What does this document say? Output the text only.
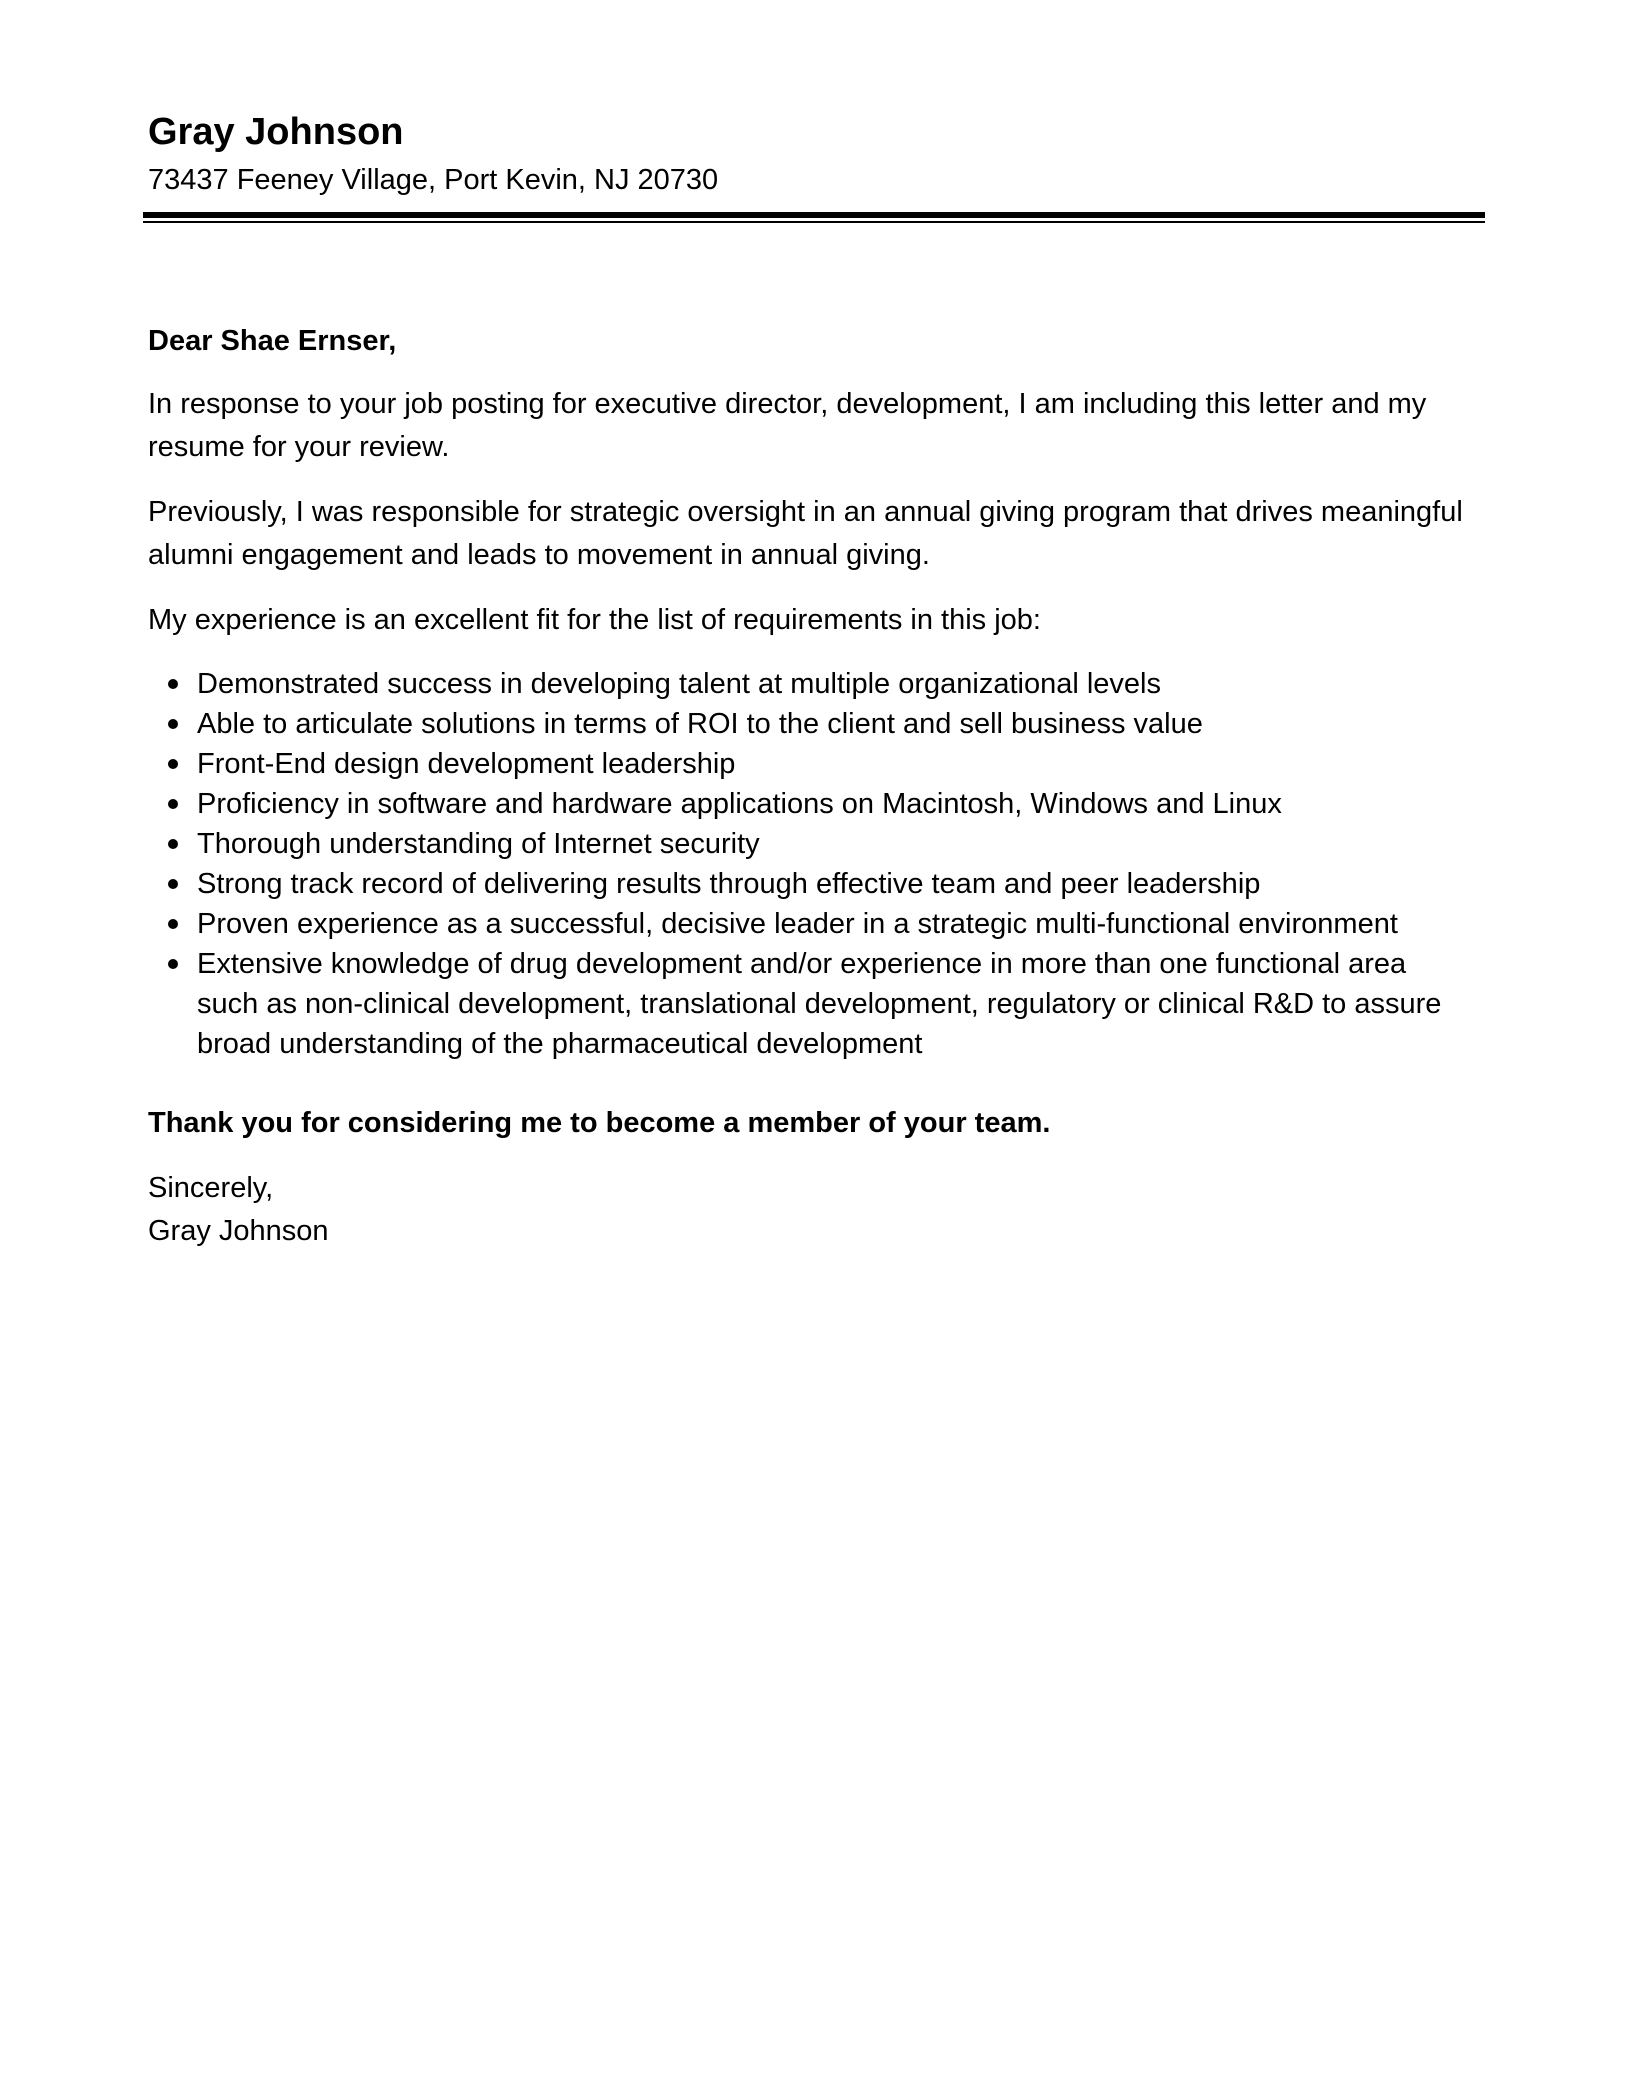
Gray Johnson
73437 Feeney Village, Port Kevin, NJ 20730

Dear Shae Ernser,

In response to your job posting for executive director, development, I am including this letter and my resume for your review.

Previously, I was responsible for strategic oversight in an annual giving program that drives meaningful alumni engagement and leads to movement in annual giving.

My experience is an excellent fit for the list of requirements in this job:

Demonstrated success in developing talent at multiple organizational levels
Able to articulate solutions in terms of ROI to the client and sell business value
Front-End design development leadership
Proficiency in software and hardware applications on Macintosh, Windows and Linux
Thorough understanding of Internet security
Strong track record of delivering results through effective team and peer leadership
Proven experience as a successful, decisive leader in a strategic multi-functional environment
Extensive knowledge of drug development and/or experience in more than one functional area such as non-clinical development, translational development, regulatory or clinical R&D to assure broad understanding of the pharmaceutical development

Thank you for considering me to become a member of your team.

Sincerely,

Gray Johnson
